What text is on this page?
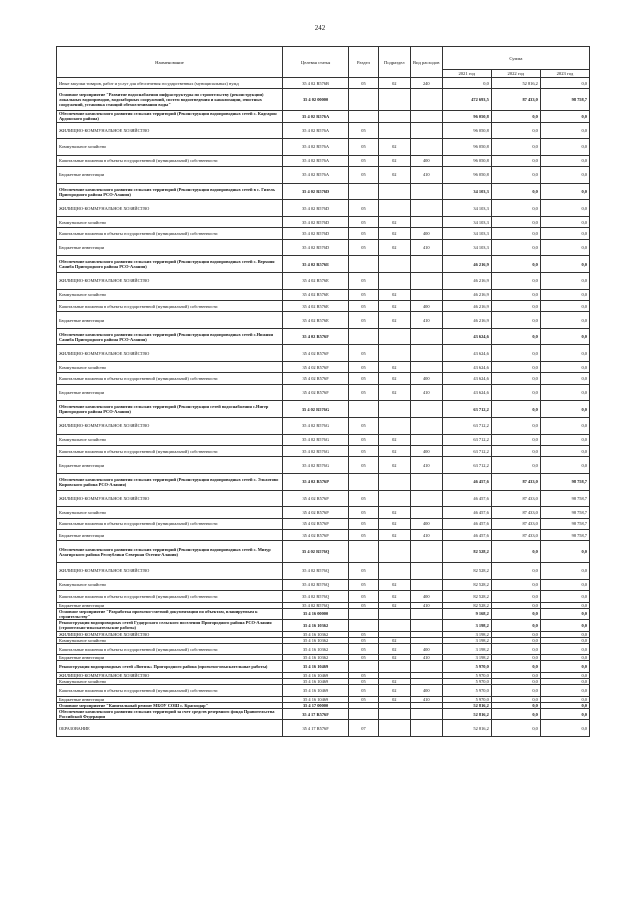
242
Наименование	Целевая статья	Раздел	Подраздел	Вид расходов	Сумма		
					2021 год	2022 год	2023 год
Иные закупки товаров, работ и услуг для обеспечения государственных (муниципальных) нужд	35 4 02 R576B	05	02	240	0,0	52 816,2	0,0
Основное мероприятие "Развитие водоснабжения инфраструктуры по строительству (реконструкции) локальных водопроводов, водозаборных сооружений, систем водоотведения и канализации, очистных сооружений, установка станций обезжелезивания воды"	35 4 02 00000				472 693,5	87 433,0	98 758,7
Обеспечение комплексного развития сельских территорий (Реконструкция водопроводных сетей с. Кадгарон Ардонского района)	35 4 02 R576A				96 050,8	0,0	0,0
ЖИЛИЩНО-КОММУНАЛЬНОЕ ХОЗЯЙСТВО	35 4 02 R576A	05			96 050,8	0,0	0,0
Коммунальное хозяйство	35 4 02 R576A	05	02		96 050,8	0,0	0,0
Капитальные вложения в объекты государственной (муниципальной) собственности	35 4 02 R576A	05	02	400	96 050,8	0,0	0,0
Бюджетные инвестиции	35 4 02 R576A	05	02	410	96 050,8	0,0	0,0
Обеспечение комплексного развития сельских территорий (Реконструкция водопроводных сетей в с. Гизель Пригородного района РСО-Алания)	35 4 02 R576D				34 103,3	0,0	0,0
ЖИЛИЩНО-КОММУНАЛЬНОЕ ХОЗЯЙСТВО	35 4 02 R576D	05			34 103,3	0,0	0,0
Коммунальное хозяйство	35 4 02 R576D	05	02		34 103,3	0,0	0,0
Капитальные вложения в объекты государственной (муниципальной) собственности	35 4 02 R576D	05	02	400	34 103,3	0,0	0,0
Бюджетные инвестиции	35 4 02 R576D	05	02	410	34 103,3	0,0	0,0
Обеспечение комплексного развития сельских территорий (Реконструкция водопроводных сетей с. Верхняя Саниба Пригородного района РСО-Алания)	35 4 02 R576E				46 216,9	0,0	0,0
ЖИЛИЩНО-КОММУНАЛЬНОЕ ХОЗЯЙСТВО	35 4 02 R576E	05			46 216,9	0,0	0,0
Коммунальное хозяйство	35 4 02 R576E	05	02		46 216,9	0,0	0,0
Капитальные вложения в объекты государственной (муниципальной) собственности	35 4 02 R576E	05	02	400	46 216,9	0,0	0,0
Бюджетные инвестиции	35 4 02 R576E	05	02	410	46 216,9	0,0	0,0
Обеспечение комплексного развития сельских территорий (Реконструкция водопроводных сетей с.Нижняя Саниба Пригородного района РСО-Алания)	35 4 02 R576F				43 624,6	0,0	0,0
ЖИЛИЩНО-КОММУНАЛЬНОЕ ХОЗЯЙСТВО	35 4 02 R576F	05			43 624,6	0,0	0,0
Коммунальное хозяйство	35 4 02 R576F	05	02		43 624,6	0,0	0,0
Капитальные вложения в объекты государственной (муниципальной) собственности	35 4 02 R576F	05	02	400	43 624,6	0,0	0,0
Бюджетные инвестиции	35 4 02 R576F	05	02	410	43 624,6	0,0	0,0
Обеспечение комплексного развития сельских территорий (Реконструкция сетей водоснабжения с.Нигер Пригородного района РСО-Алания)	35 4 02 R576G				63 712,2	0,0	0,0
ЖИЛИЩНО-КОММУНАЛЬНОЕ ХОЗЯЙСТВО	35 4 02 R576G	05			63 712,2	0,0	0,0
Коммунальное хозяйство	35 4 02 R576G	05	02		63 712,2	0,0	0,0
Капитальные вложения в объекты государственной (муниципальной) собственности	35 4 02 R576G	05	02	400	63 712,2	0,0	0,0
Бюджетные инвестиции	35 4 02 R576G	05	02	410	63 712,2	0,0	0,0
Обеспечение комплексного развития сельских территорий (Реконструкция водопроводных сетей с. Эльхотово Кировского района РСО-Алания)	35 4 02 R576P				46 457,6	87 433,0	98 758,7
ЖИЛИЩНО-КОММУНАЛЬНОЕ ХОЗЯЙСТВО	35 4 02 R576P	05			46 457,6	87 433,0	98 758,7
Коммунальное хозяйство	35 4 02 R576P	05	02		46 457,6	87 433,0	98 758,7
Капитальные вложения в объекты государственной (муниципальной) собственности	35 4 02 R576P	05	02	400	46 457,6	87 433,0	98 758,7
Бюджетные инвестиции	35 4 02 R576P	05	02	410	46 457,6	87 433,0	98 758,7
Обеспечение комплексного развития сельских территорий (Реконструкция водопроводных сетей с. Мизур Алагирского района Республики Северная Осетия-Алания)	35 4 02 R576Q				82 528,2	0,0	0,0
ЖИЛИЩНО-КОММУНАЛЬНОЕ ХОЗЯЙСТВО	35 4 02 R576Q	05			82 528,2	0,0	0,0
Коммунальное хозяйство	35 4 02 R576Q	05	02		82 528,2	0,0	0,0
Капитальные вложения в объекты государственной (муниципальной) собственности	35 4 02 R576Q	05	02	400	82 528,2	0,0	0,0
Бюджетные инвестиции	35 4 02 R576Q	05	02	410	82 528,2	0,0	0,0
Основное мероприятие "Разработка проектно-сметной документации по объектам, планируемым к строительству"	35 4 16 00000				9 168,2	0,0	0,0
Реконструкция водопроводных сетей Гудаурского сельского поселения Пригородного района РСО-Алания (строительно-изыскательские работы)	35 4 16 10362				3 198,2	0,0	0,0
ЖИЛИЩНО-КОММУНАЛЬНОЕ ХОЗЯЙСТВО	35 4 16 10362	05			3 198,2	0,0	0,0
Коммунальное хозяйство	35 4 16 10362	05	02		3 198,2	0,0	0,0
Капитальные вложения в объекты государственной (муниципальной) собственности	35 4 16 10362	05	02	400	3 198,2	0,0	0,0
Бюджетные инвестиции	35 4 16 10362	05	02	410	3 198,2	0,0	0,0
Реконструкция водопроводных сетей «Витязь» Пригородного района (проектно-изыскательные работы)	35 4 16 10469				5 970,0	0,0	0,0
ЖИЛИЩНО-КОММУНАЛЬНОЕ ХОЗЯЙСТВО	35 4 16 10469	05			5 970,0	0,0	0,0
Коммунальное хозяйство	35 4 16 10469	05	02		5 970,0	0,0	0,0
Капитальные вложения в объекты государственной (муниципальной) собственности	35 4 16 10469	05	02	400	5 970,0	0,0	0,0
Бюджетные инвестиции	35 4 16 10469	05	02	410	5 970,0	0,0	0,0
Основное мероприятие "Капитальный ремонт МБОУ СОШ с. Краснодар"	35 4 17 00000				52 816,2	0,0	0,0
Обеспечение комплексного развития сельских территорий за счет средств резервного фонда Правительства Российской Федерации	35 4 17 R576F				52 816,2	0,0	0,0
ОБРАЗОВАНИЕ	35 4 17 R576F	07			52 816,2	0,0	0,0
